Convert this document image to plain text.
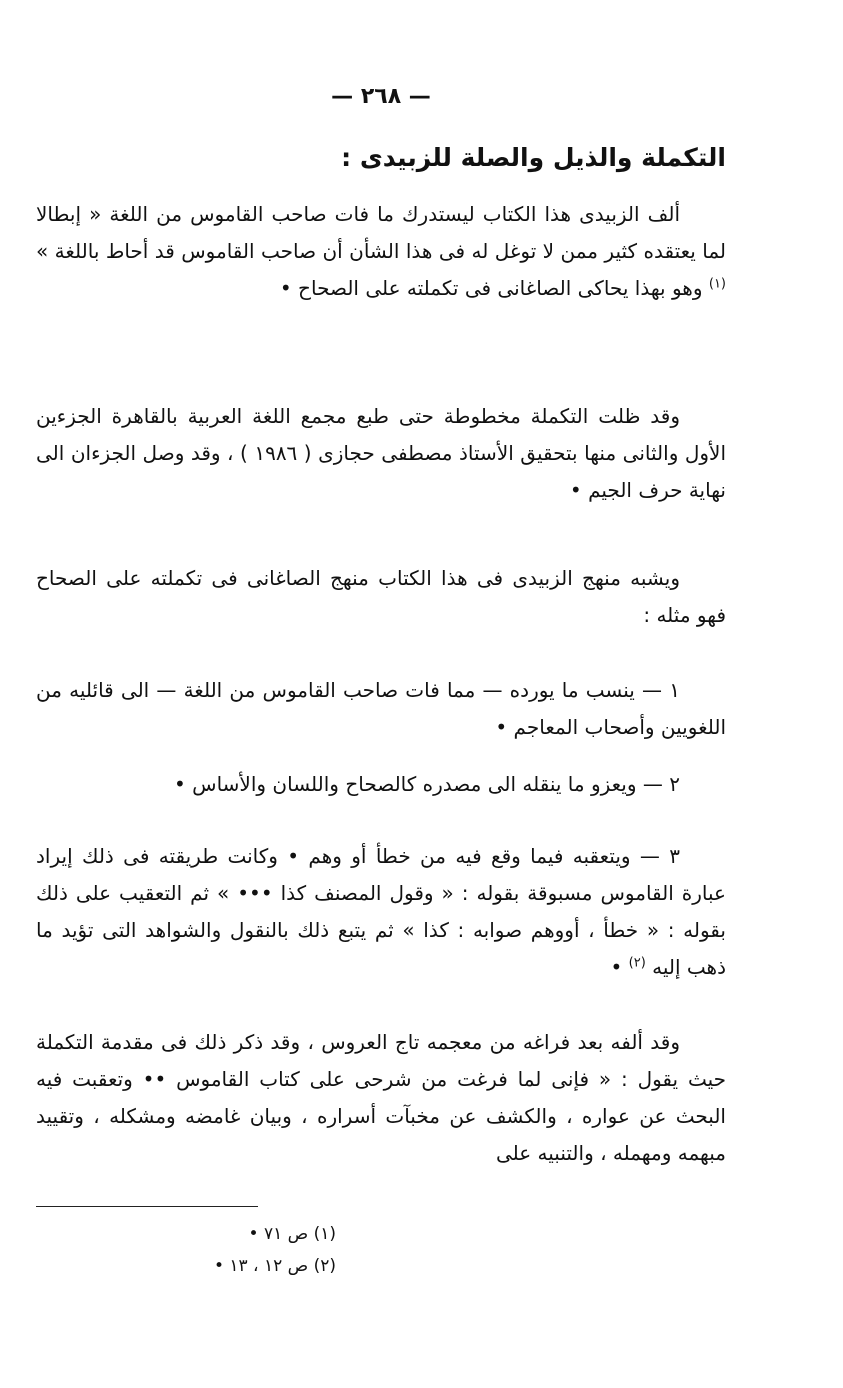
— ٢٦٨ —
التكملة والذيل والصلة للزبيدى :

ألف الزبيدى هذا الكتاب ليستدرك ما فات صاحب القاموس من اللغة « إبطالا لما يعتقده كثير ممن لا توغل له فى هذا الشأن أن صاحب القاموس قد أحاط باللغة » $^{(١)}$ وهو بهذا يحاكى الصاغانى فى تكملته على الصحاح •

وقد ظلت التكملة مخطوطة حتى طبع مجمع اللغة العربية بالقاهرة الجزءين الأول والثانى منها بتحقيق الأستاذ مصطفى حجازى ( ١٩٨٦ ) ، وقد وصل الجزءان الى نهاية حرف الجيم •

ويشبه منهج الزبيدى فى هذا الكتاب منهج الصاغانى فى تكملته على الصحاح فهو مثله :

١ — ينسب ما يورده — مما فات صاحب القاموس من اللغة — الى قائليه من اللغويين وأصحاب المعاجم •

٢ — ويعزو ما ينقله الى مصدره كالصحاح واللسان والأساس •

٣ — ويتعقبه فيما وقع فيه من خطأ أو وهم • وكانت طريقته فى ذلك إيراد عبارة القاموس مسبوقة بقوله : « وقول المصنف كذا ••• » ثم التعقيب على ذلك بقوله : « خطأ ، أووهم صوابه : كذا » ثم يتبع ذلك بالنقول والشواهد التى تؤيد ما ذهب إليه $^{(٢)}$ •

وقد ألفه بعد فراغه من معجمه تاج العروس ، وقد ذكر ذلك فى مقدمة التكملة حيث يقول : « فإنى لما فرغت من شرحى على كتاب القاموس •• وتعقبت فيه البحث عن عواره ، والكشف عن مخبآت أسراره ، وبيان غامضه ومشكله ، وتقييد مبهمه ومهمله ، والتنبيه على

(١) ص ٧١ •
(٢) ص ١٢ ، ١٣ •
